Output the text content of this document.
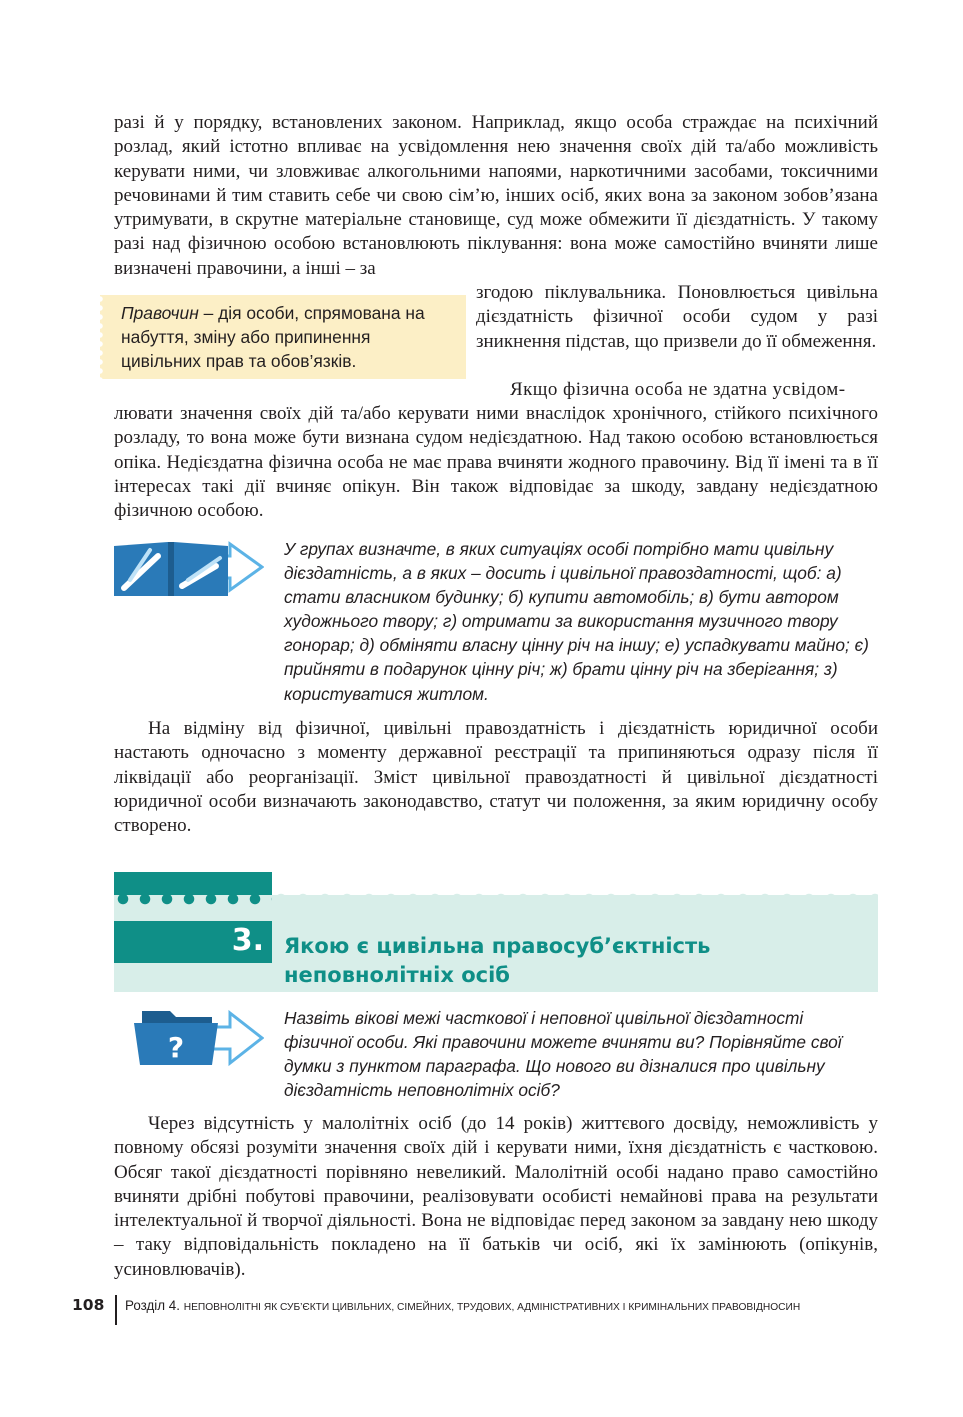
разі й у порядку, встановлених законом. Наприклад, якщо особа страждає на психічний розлад, який істотно впливає на усвідомлення нею значення своїх дій та/або можливість керувати ними, чи зловживає алкогольними напоями, наркотичними засобами, токсичними речовинами й тим ставить себе чи свою сім’ю, інших осіб, яких вона за законом зобов’язана утримувати, в скрутне матеріальне становище, суд може обмежити її дієздатність. У такому разі над фізичною особою встановлюють піклування: вона може самостійно вчиняти лише визначені правочини, а інші – за

Правочин – дія особи, спрямована на набуття, зміну або припинення цивільних прав та обов’язків.

згодою піклувальника. Поновлюється цивільна дієздатність фізичної особи судом у разі зникнення підстав, що призвели до її обмеження.

Якщо фізична особа не здатна усвідом-

лювати значення своїх дій та/або керувати ними внаслідок хронічного, стійкого психічного розладу, то вона може бути визнана судом недієздатною. Над такою особою встановлюється опіка. Недієздатна фізична особа не має права вчиняти жодного правочину. Від її імені та в її інтересах такі дії вчиняє опікун. Він також відповідає за шкоду, завдану недієздатною фізичною особою.

У групах визначте, в яких ситуаціях особі потрібно мати цивільну дієздатність, а в яких – досить і цивільної правоздатності, щоб: а) стати власником будинку; б) купити автомобіль; в) бути автором художнього твору; г) отримати за використання музичного твору гонорар; д) обміняти власну цінну річ на іншу; е) успадкувати майно; є) прийняти в подарунок цінну річ; ж) брати цінну річ на зберігання; з) користуватися житлом.

На відміну від фізичної, цивільні правоздатність і дієздатність юридичної особи настають одночасно з моменту державної реєстрації та припиняються одразу після її ліквідації або реорганізації. Зміст цивільної правоздатності й цивільної дієздатності юридичної особи визначають законодавство, статут чи положення, за яким юридичну особу створено.

3. Якою є цивільна правосуб’єктність неповнолітніх осіб

?

Назвіть вікові межі часткової і неповної цивільної дієздатності фізичної особи. Які правочини можете вчиняти ви? Порівняйте свої думки з пунктом параграфа. Що нового ви дізналися про цивільну дієздатність неповнолітніх осіб?

Через відсутність у малолітніх осіб (до 14 років) життєвого досвіду, неможливість у повному обсязі розуміти значення своїх дій і керувати ними, їхня дієздатність є частковою. Обсяг такої дієздатності порівняно невеликий. Малолітній особі надано право самостійно вчиняти дрібні побутові правочини, реалізовувати особисті немайнові права на результати інтелектуальної й творчої діяльності. Вона не відповідає перед законом за завдану нею шкоду – таку відповідальність покладено на її батьків чи осіб, які їх замінюють (опікунів, усиновлювачів).

108 Розділ 4. НЕПОВНОЛІТНІ ЯК СУБ’ЄКТИ ЦИВІЛЬНИХ, СІМЕЙНИХ, ТРУДОВИХ, АДМІНІСТРАТИВНИХ І КРИМІНАЛЬНИХ ПРАВОВІДНОСИН
